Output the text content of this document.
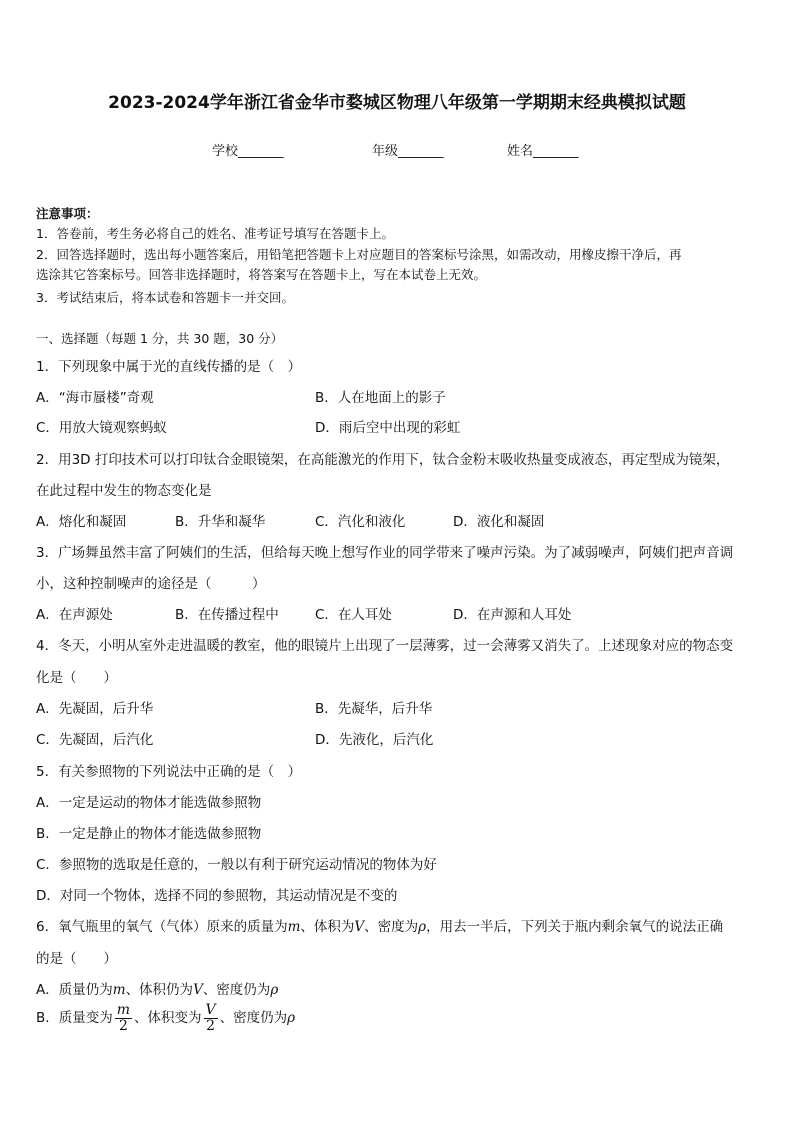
2023-2024学年浙江省金华市婺城区物理八年级第一学期期末经典模拟试题
学校_______	年级_______	姓名_______
注意事项：
1．答卷前，考生务必将自己的姓名、准考证号填写在答题卡上。
2．回答选择题时，选出每小题答案后，用铅笔把答题卡上对应题目的答案标号涂黑，如需改动，用橡皮擦干净后，再
选涂其它答案标号。回答非选择题时，将答案写在答题卡上，写在本试卷上无效。
3．考试结束后，将本试卷和答题卡一并交回。
一、选择题（每题 1 分，共 30 题，30 分）
1．下列现象中属于光的直线传播的是（　）
A．“海市蜃楼”奇观	B．人在地面上的影子
C．用放大镜观察蚂蚁	D．雨后空中出现的彩虹
2．用3D 打印技术可以打印钛合金眼镜架，在高能激光的作用下，钛合金粉末吸收热量变成液态，再定型成为镜架，
在此过程中发生的物态变化是
A．熔化和凝固	B．升华和凝华	C．汽化和液化	D．液化和凝固
3．广场舞虽然丰富了阿姨们的生活，但给每天晚上想写作业的同学带来了噪声污染。为了减弱噪声，阿姨们把声音调
小，这种控制噪声的途径是（　　　）
A．在声源处	B．在传播过程中	C．在人耳处	D．在声源和人耳处
4．冬天，小明从室外走进温暖的教室，他的眼镜片上出现了一层薄雾，过一会薄雾又消失了。上述现象对应的物态变
化是（　　）
A．先凝固，后升华	B．先凝华，后升华
C．先凝固，后汽化	D．先液化，后汽化
5．有关参照物的下列说法中正确的是（　）
A．一定是运动的物体才能选做参照物
B．一定是静止的物体才能选做参照物
C．参照物的选取是任意的，一般以有利于研究运动情况的物体为好
D．对同一个物体，选择不同的参照物，其运动情况是不变的
6．氧气瓶里的氧气（气体）原来的质量为m、体积为V、密度为ρ，用去一半后，下列关于瓶内剩余氧气的说法正确
的是（　　）
A．质量仍为m、体积仍为V、密度仍为ρ
B．质量变为 $\frac{m}{2}$ 、体积变为 $\frac{V}{2}$ 、密度仍为ρ
